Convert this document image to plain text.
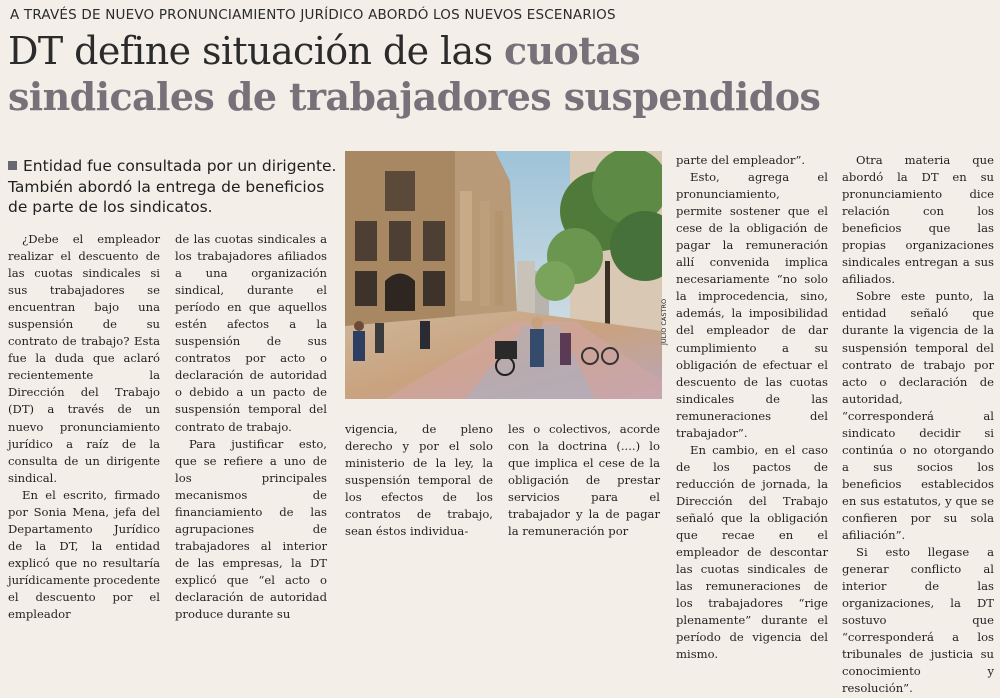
A TRAVÉS DE NUEVO PRONUNCIAMIENTO JURÍDICO ABORDÓ LOS NUEVOS ESCENARIOS
DT define situación de las cuotas
sindicales de trabajadores suspendidos
Entidad fue consultada por un dirigente.
También abordó la entrega de beneficios
de parte de los sindicatos.

¿Debe el empleador realizar el descuento de las cuotas sindicales si sus trabajadores se encuentran bajo una suspensión de su contrato de trabajo? Esta fue la duda que aclaró recientemente la Dirección del Trabajo (DT) a través de un nuevo pronunciamiento jurídico a raíz de la consulta de un dirigente sindical.

En el escrito, firmado por Sonia Mena, jefa del Departamento Jurídico de la DT, la entidad explicó que no resultaría jurídicamente procedente el descuento por el empleador

de las cuotas sindicales a los trabajadores afiliados a una organización sindical, durante el período en que aquellos estén afectos a la suspensión de sus contratos por acto o declaración de autoridad o debido a un pacto de suspensión temporal del contrato de trabajo.

Para justificar esto, que se refiere a uno de los principales mecanismos de financiamiento de las agrupaciones de trabajadores al interior de las empresas, la DT explicó que “el acto o declaración de autoridad produce durante su

JULIO CASTRO

vigencia, de pleno derecho y por el solo ministerio de la ley, la suspensión temporal de los efectos de los contratos de trabajo, sean éstos individua-

les o colectivos, acorde con la doctrina (....) lo que implica el cese de la obligación de prestar servicios para el trabajador y la de pagar la remuneración por

parte del empleador”.

Esto, agrega el pronunciamiento, permite sostener que el cese de la obligación de pagar la remuneración allí convenida implica necesariamente “no solo la improcedencia, sino, además, la imposibilidad del empleador de dar cumplimiento a su obligación de efectuar el descuento de las cuotas sindicales de las remuneraciones del trabajador”.

En cambio, en el caso de los pactos de reducción de jornada, la Dirección del Trabajo señaló que la obligación que recae en el empleador de descontar las cuotas sindicales de las remuneraciones de los trabajadores “rige plenamente” durante el período de vigencia del mismo.

Otra materia que abordó la DT en su pronunciamiento dice relación con los beneficios que las propias organizaciones sindicales entregan a sus afiliados.

Sobre este punto, la entidad señaló que durante la vigencia de la suspensión temporal del contrato de trabajo por acto o declaración de autoridad, “corresponderá al sindicato decidir si continúa o no otorgando a sus socios los beneficios establecidos en sus estatutos, y que se confieren por su sola afiliación”.

Si esto llegase a generar conflicto al interior de las organizaciones, la DT sostuvo que “corresponderá a los tribunales de justicia su conocimiento y resolución”.
